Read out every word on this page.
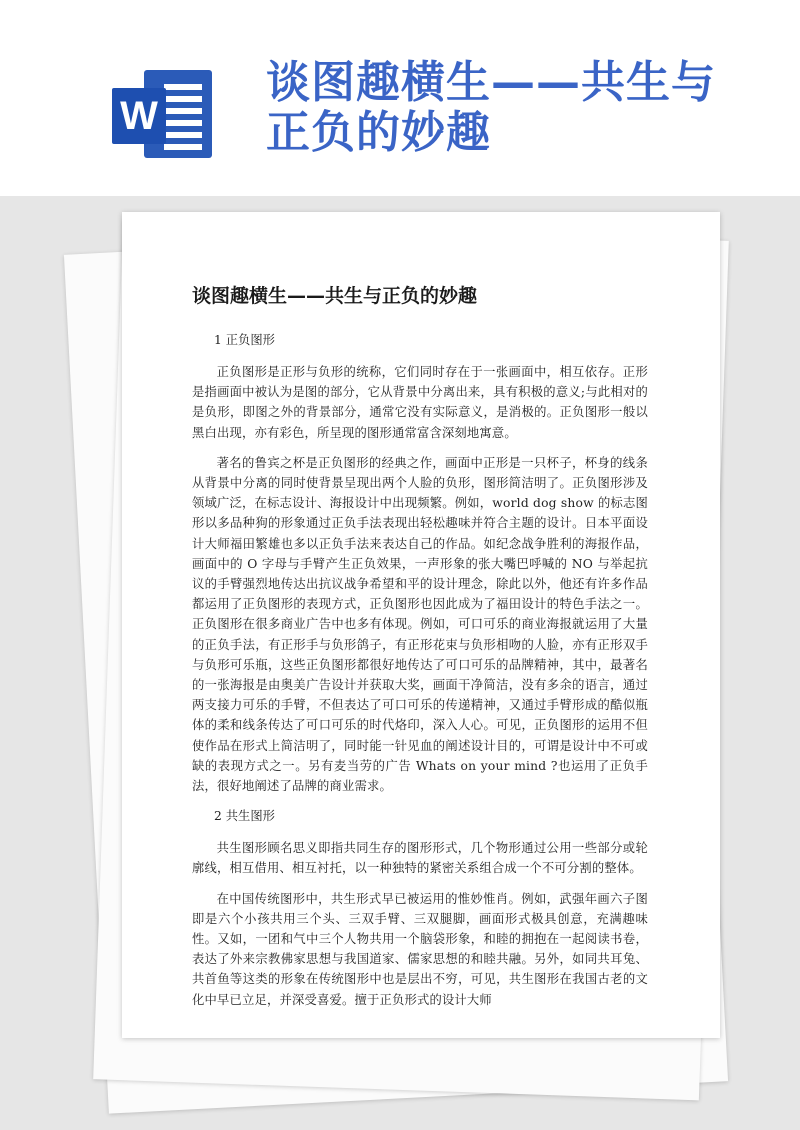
W
谈图趣横生——共生与正负的妙趣
谈图趣横生——共生与正负的妙趣

1 正负图形

正负图形是正形与负形的统称，它们同时存在于一张画面中，相互依存。正形是指画面中被认为是图的部分，它从背景中分离出来，具有积极的意义;与此相对的是负形，即图之外的背景部分，通常它没有实际意义，是消极的。正负图形一般以黑白出现，亦有彩色，所呈现的图形通常富含深刻地寓意。

著名的鲁宾之杯是正负图形的经典之作，画面中正形是一只杯子，杯身的线条从背景中分离的同时使背景呈现出两个人脸的负形，图形简洁明了。正负图形涉及领域广泛，在标志设计、海报设计中出现频繁。例如，world dog show 的标志图形以多品种狗的形象通过正负手法表现出轻松趣味并符合主题的设计。日本平面设计大师福田繁雄也多以正负手法来表达自己的作品。如纪念战争胜利的海报作品，画面中的 O 字母与手臂产生正负效果，一声形象的张大嘴巴呼喊的 NO 与举起抗议的手臂强烈地传达出抗议战争希望和平的设计理念，除此以外，他还有许多作品都运用了正负图形的表现方式，正负图形也因此成为了福田设计的特色手法之一。正负图形在很多商业广告中也多有体现。例如，可口可乐的商业海报就运用了大量的正负手法，有正形手与负形鸽子，有正形花束与负形相吻的人脸，亦有正形双手与负形可乐瓶，这些正负图形都很好地传达了可口可乐的品牌精神，其中，最著名的一张海报是由奥美广告设计并获取大奖，画面干净简洁，没有多余的语言，通过两支接力可乐的手臂，不但表达了可口可乐的传递精神，又通过手臂形成的酷似瓶体的柔和线条传达了可口可乐的时代烙印，深入人心。可见，正负图形的运用不但使作品在形式上简洁明了，同时能一针见血的阐述设计目的，可谓是设计中不可或缺的表现方式之一。另有麦当劳的广告 Whats on your mind ?也运用了正负手法，很好地阐述了品牌的商业需求。

2 共生图形

共生图形顾名思义即指共同生存的图形形式，几个物形通过公用一些部分或轮廓线，相互借用、相互衬托，以一种独特的紧密关系组合成一个不可分割的整体。

在中国传统图形中，共生形式早已被运用的惟妙惟肖。例如，武强年画六子图即是六个小孩共用三个头、三双手臂、三双腿脚，画面形式极具创意，充满趣味性。又如，一团和气中三个人物共用一个脑袋形象，和睦的拥抱在一起阅读书卷，表达了外来宗教佛家思想与我国道家、儒家思想的和睦共融。另外，如同共耳兔、共首鱼等这类的形象在传统图形中也是层出不穷，可见，共生图形在我国古老的文化中早已立足，并深受喜爱。擅于正负形式的设计大师
